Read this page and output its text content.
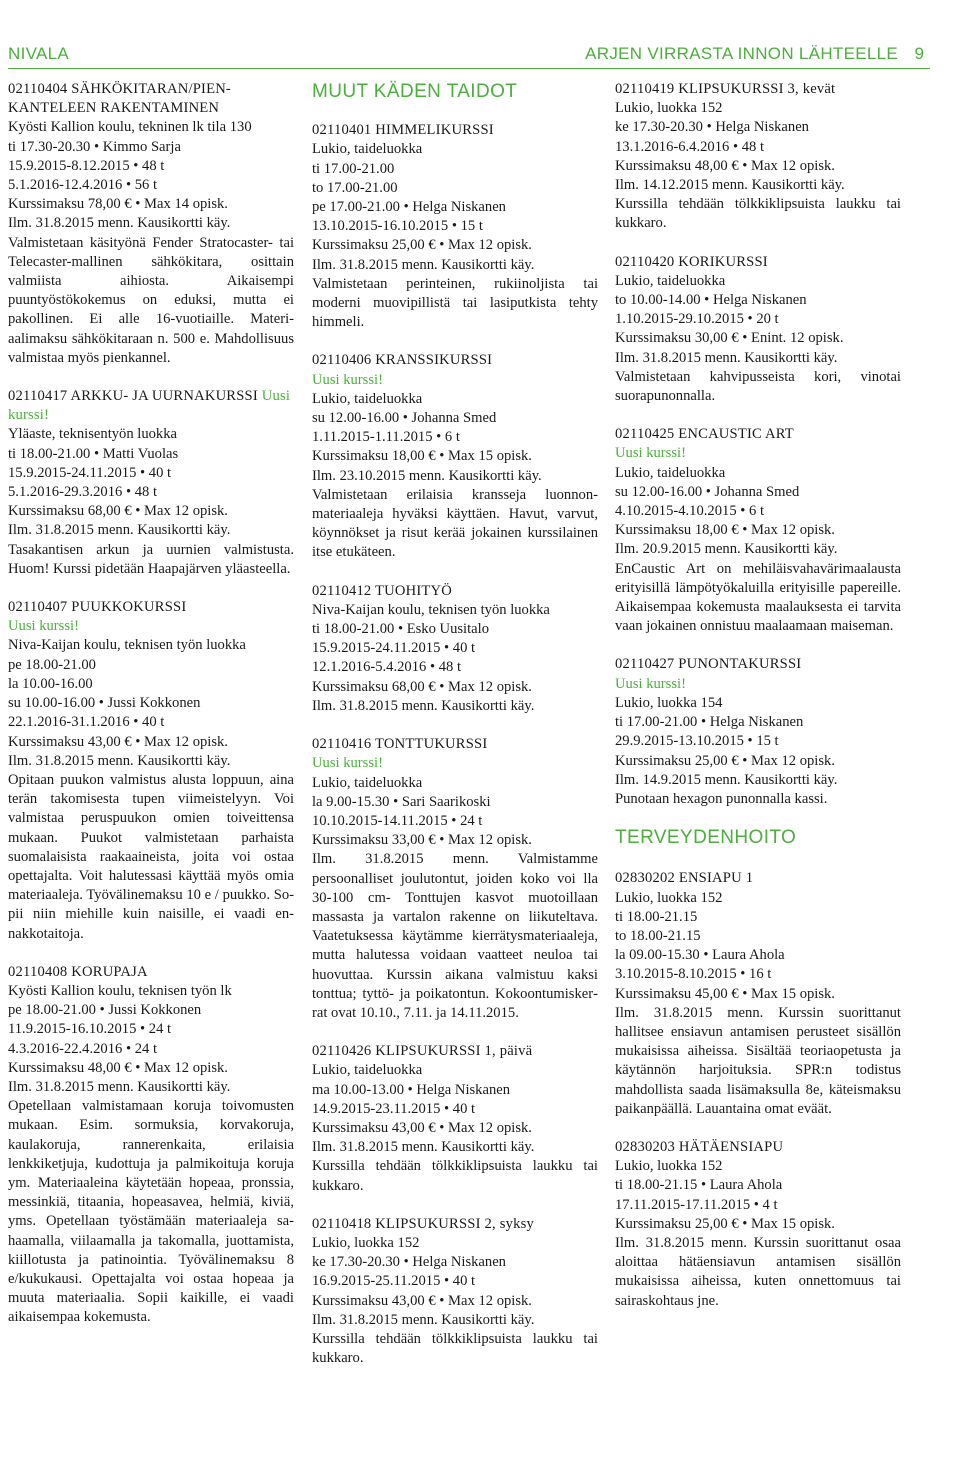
NIVALA	ARJEN VIRRASTA INNON LÄHTEELLE 9
02110404 SÄHKÖKITARAN/PIEN-KANTELEEN RAKENTAMINEN
Kyösti Kallion koulu, tekninen lk tila 130
ti 17.30-20.30 • Kimmo Sarja
15.9.2015-8.12.2015 • 48 t
5.1.2016-12.4.2016 • 56 t
Kurssimaksu 78,00 € • Max 14 opisk.
Ilm. 31.8.2015 menn. Kausikortti käy.
Valmistetaan käsityönä Fender Stratocaster- tai Telecaster-mallinen sähkökitara, osittain valmiista aihiosta. Aikaisempi puuntyöstökokemus on eduksi, mutta ei pakollinen. Ei alle 16-vuotiaille. Materiaalimaksu sähkökitaraan n. 500 e. Mahdollisuus valmistaa myös pienkannel.
02110417 ARKKU- JA UURNAKURSSI Uusi kurssi!
Yläaste, teknisentyön luokka
ti 18.00-21.00 • Matti Vuolas
15.9.2015-24.11.2015 • 40 t
5.1.2016-29.3.2016 • 48 t
Kurssimaksu 68,00 € • Max 12 opisk.
Ilm. 31.8.2015 menn. Kausikortti käy.
Tasakantisen arkun ja uurnien valmistusta. Huom! Kurssi pidetään Haapajärven yläasteella.
02110407 PUUKKOKURSSI
Uusi kurssi!
Niva-Kaijan koulu, teknisen työn luokka
pe 18.00-21.00
la 10.00-16.00
su 10.00-16.00 • Jussi Kokkonen
22.1.2016-31.1.2016 • 40 t
Kurssimaksu 43,00 € • Max 12 opisk.
Ilm. 31.8.2015 menn. Kausikortti käy.
Opitaan puukon valmistus alusta loppuun, aina terän takomisesta tupen viimeistelyyn. Voi valmistaa peruspuukon omien toiveittensa mukaan. Puukot valmistetaan parhaista suomalaisista raakaaineista, joita voi ostaa opettajalta. Voit halutessasi käyttää myös omia materiaaleja. Työvälinemaksu 10 e / puukko. Sopii niin miehille kuin naisille, ei vaadi ennakkotaitoja.
02110408 KORUPAJA
Kyösti Kallion koulu, teknisen työn lk
pe 18.00-21.00 • Jussi Kokkonen
11.9.2015-16.10.2015 • 24 t
4.3.2016-22.4.2016 • 24 t
Kurssimaksu 48,00 € • Max 12 opisk.
Ilm. 31.8.2015 menn. Kausikortti käy.
Opetellaan valmistamaan koruja toivomusten mukaan. Esim. sormuksia, korvakoruja, kaulakoruja, rannerenkaita, erilaisia lenkkiketjuja, kudottuja ja palmikoituja koruja ym. Materiaaleina käytetään hopeaa, pronssia, messinkiä, titaania, hopeasavea, helmiä, kiviä, yms. Opetellaan työstämään materiaaleja sahaamalla, viilaamalla ja takomalla, juottamista, kiillotusta ja patinointia. Työvälinemaksu 8 e/kukukausi. Opettajalta voi ostaa hopeaa ja muuta materiaalia. Sopii kaikille, ei vaadi aikaisempaa kokemusta.
MUUT KÄDEN TAIDOT
02110401 HIMMELIKURSSI
Lukio, taideluokka
ti 17.00-21.00
to 17.00-21.00
pe 17.00-21.00 • Helga Niskanen
13.10.2015-16.10.2015 • 15 t
Kurssimaksu 25,00 € • Max 12 opisk.
Ilm. 31.8.2015 menn. Kausikortti käy.
Valmistetaan perinteinen, rukiinoljista tai moderni muovipillistä tai lasiputkista tehty himmeli.
02110406 KRANSSIKURSSI
Uusi kurssi!
Lukio, taideluokka
su 12.00-16.00 • Johanna Smed
1.11.2015-1.11.2015 • 6 t
Kurssimaksu 18,00 € • Max 15 opisk.
Ilm. 23.10.2015 menn. Kausikortti käy.
Valmistetaan erilaisia kransseja luonnonmateriaaleja hyväksi käyttäen. Havut, varvut, köynnökset ja risut kerää jokainen kurssilainen itse etukäteen.
02110412 TUOHITYÖ
Niva-Kaijan koulu, teknisen työn luokka
ti 18.00-21.00 • Esko Uusitalo
15.9.2015-24.11.2015 • 40 t
12.1.2016-5.4.2016 • 48 t
Kurssimaksu 68,00 € • Max 12 opisk.
Ilm. 31.8.2015 menn. Kausikortti käy.
02110416 TONTTUKURSSI
Uusi kurssi!
Lukio, taideluokka
la 9.00-15.30 • Sari Saarikoski
10.10.2015-14.11.2015 • 24 t
Kurssimaksu 33,00 € • Max 12 opisk.
Ilm. 31.8.2015 menn. Valmistamme persoonalliset joulutontut, joiden koko voi lla 30-100 cm- Tonttujen kasvot muotoillaan massasta ja vartalon rakenne on liikuteltava. Vaatetuksessa käytämme kierrätysmateriaaleja, mutta halutessa voidaan vaatteet neuloa tai huovuttaa. Kurssin aikana valmistuu kaksi tonttua; tyttö- ja poikatontun. Kokoontumiskerrat ovat 10.10., 7.11. ja 14.11.2015.
02110426 KLIPSUKURSSI 1, päivä
Lukio, taideluokka
ma 10.00-13.00 • Helga Niskanen
14.9.2015-23.11.2015 • 40 t
Kurssimaksu 43,00 € • Max 12 opisk.
Ilm. 31.8.2015 menn. Kausikortti käy.
Kurssilla tehdään tölkkiklipsuista laukku tai kukkaro.
02110418 KLIPSUKURSSI 2, syksy
Lukio, luokka 152
ke 17.30-20.30 • Helga Niskanen
16.9.2015-25.11.2015 • 40 t
Kurssimaksu 43,00 € • Max 12 opisk.
Ilm. 31.8.2015 menn. Kausikortti käy.
Kurssilla tehdään tölkkiklipsuista laukku tai kukkaro.
02110419 KLIPSUKURSSI 3, kevät
Lukio, luokka 152
ke 17.30-20.30 • Helga Niskanen
13.1.2016-6.4.2016 • 48 t
Kurssimaksu 48,00 € • Max 12 opisk.
Ilm. 14.12.2015 menn. Kausikortti käy.
Kurssilla tehdään tölkkiklipsuista laukku tai kukkaro.
02110420 KORIKURSSI
Lukio, taideluokka
to 10.00-14.00 • Helga Niskanen
1.10.2015-29.10.2015 • 20 t
Kurssimaksu 30,00 € • Enint. 12 opisk.
Ilm. 31.8.2015 menn. Kausikortti käy.
Valmistetaan kahvipusseista kori, vinotai suorapunonnalla.
02110425 ENCAUSTIC ART
Uusi kurssi!
Lukio, taideluokka
su 12.00-16.00 • Johanna Smed
4.10.2015-4.10.2015 • 6 t
Kurssimaksu 18,00 € • Max 12 opisk.
Ilm. 20.9.2015 menn. Kausikortti käy.
EnCaustic Art on mehiläisvahavärimaalausta erityisillä lämpötyökaluilla erityisille papereille. Aikaisempaa kokemusta maalauksesta ei tarvita vaan jokainen onnistuu maalaamaan maiseman.
02110427 PUNONTAKURSSI
Uusi kurssi!
Lukio, luokka 154
ti 17.00-21.00 • Helga Niskanen
29.9.2015-13.10.2015 • 15 t
Kurssimaksu 25,00 € • Max 12 opisk.
Ilm. 14.9.2015 menn. Kausikortti käy.
Punotaan hexagon punonnalla kassi.
TERVEYDENHOITO
02830202 ENSIAPU 1
Lukio, luokka 152
ti 18.00-21.15
to 18.00-21.15
la 09.00-15.30 • Laura Ahola
3.10.2015-8.10.2015 • 16 t
Kurssimaksu 45,00 € • Max 15 opisk.
Ilm. 31.8.2015 menn. Kurssin suorittanut hallitsee ensiavun antamisen perusteet sisällön mukaisissa aiheissa. Sisältää teoriaopetusta ja käytännön harjoituksia. SPR:n todistus mahdollista saada lisämaksulla 8e, käteismaksu paikanpäällä. Lauantaina omat eväät.
02830203 HÄTÄENSIAPU
Lukio, luokka 152
ti 18.00-21.15 • Laura Ahola
17.11.2015-17.11.2015 • 4 t
Kurssimaksu 25,00 € • Max 15 opisk.
Ilm. 31.8.2015 menn. Kurssin suorittanut osaa aloittaa hätäensiavun antamisen sisällön mukaisissa aiheissa, kuten onnettomuus tai sairaskohtaus jne.
